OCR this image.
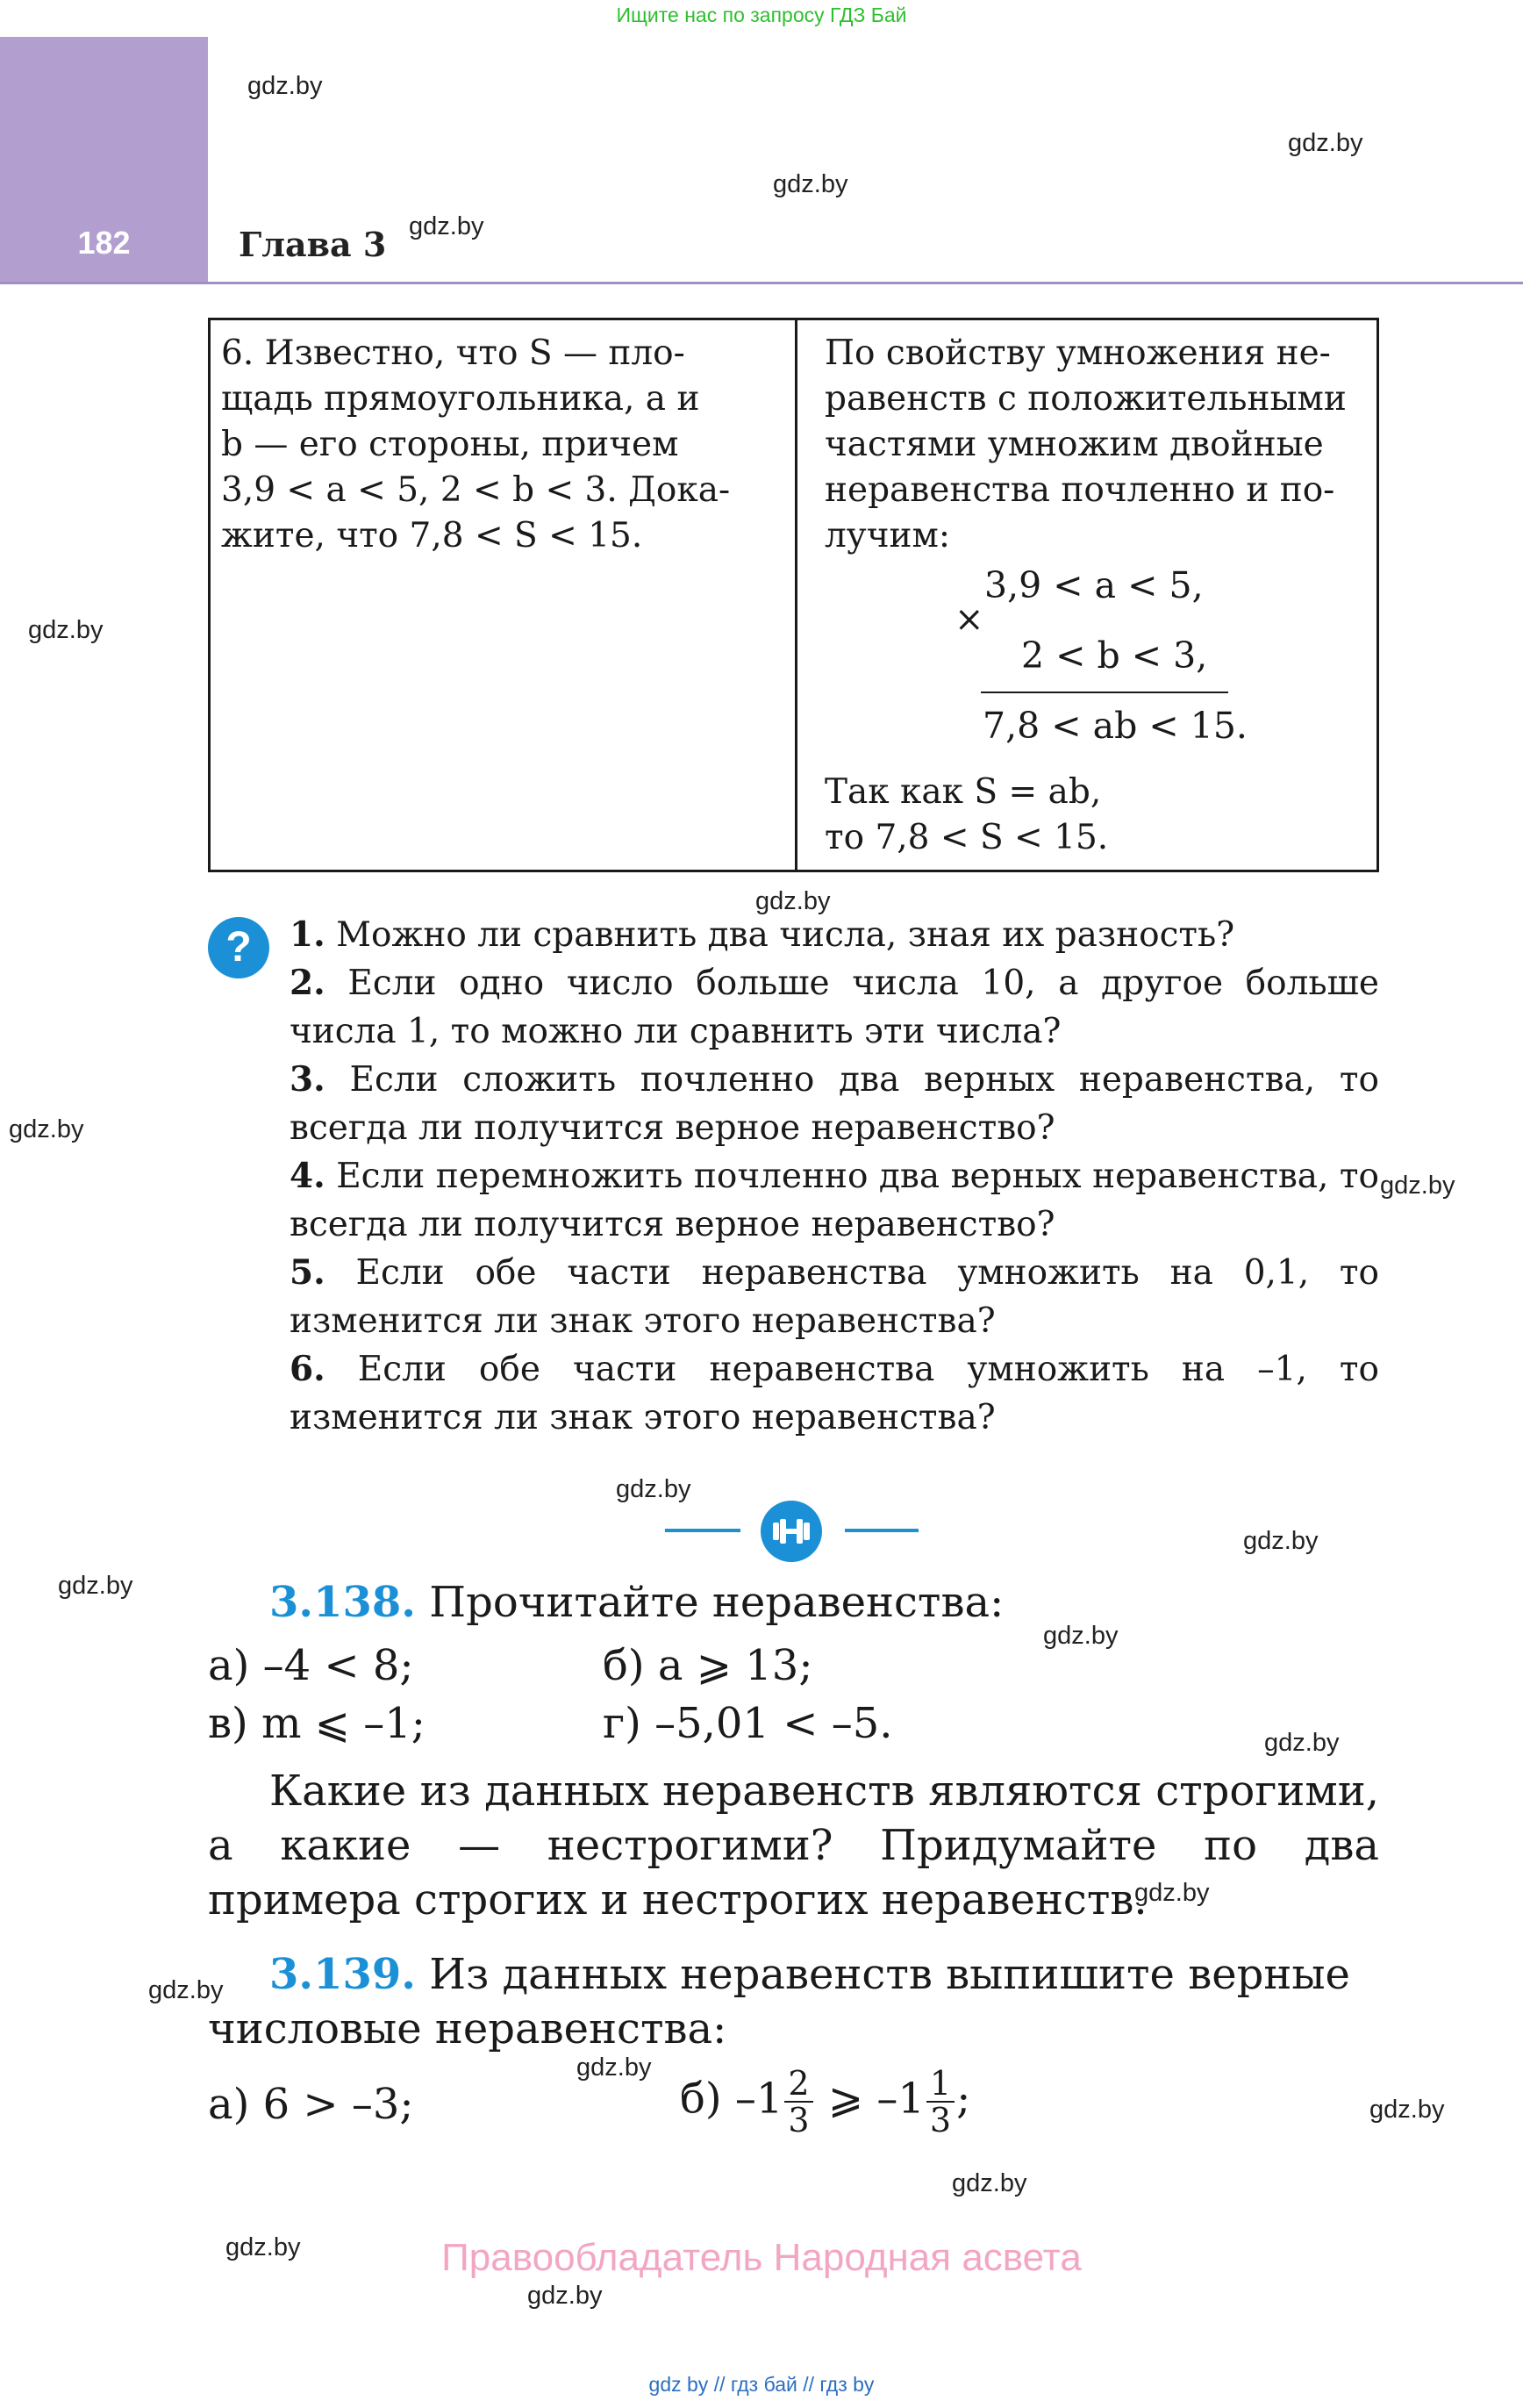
Ищите нас по запросу ГДЗ Бай
182	Глава 3
gdz.by
gdz.by
gdz.by
gdz.by
gdz.by
gdz.by
gdz.by
gdz.by
gdz.by
gdz.by
gdz.by
gdz.by
gdz.by
gdz.by
gdz.by
gdz.by
gdz.by
gdz.by
gdz.by
gdz.by
6. Известно, что S — пло-
щадь прямоугольника, a и
b — его стороны, причем
3,9 < a < 5, 2 < b < 3. Дока-
жите, что 7,8 < S < 15.
По свойству умножения не-
равенств с положительными
частями умножим двойные
неравенства почленно и по-
лучим:
3,9 < a < 5,
×
2 < b < 3,
7,8 < ab < 15.
Так как S = ab,
то 7,8 < S < 15.
?	1. Можно ли сравнить два числа, зная их разность?

2. Если одно число больше числа 10, а другое больше числа 1, то можно ли сравнить эти числа?

3. Если сложить почленно два верных неравенства, то всегда ли получится верное неравенство?

4. Если перемножить почленно два верных неравенства, то всегда ли получится верное неравенство?

5. Если обе части неравенства умножить на 0,1, то изменится ли знак этого неравенства?

6. Если обе части неравенства умножить на –1, то изменится ли знак этого неравенства?

3.138. Прочитайте неравенства:
а) –4 < 8;	б) a ⩾ 13;
в) m ⩽ –1;	г) –5,01 < –5.
Какие из данных неравенств являются строгими, а какие — нестрогими? Придумайте по два примера строгих и нестрогих неравенств.
3.139. Из данных неравенств выпишите верные
числовые неравенства:
а) 6 > –3;	б) $-1 \frac{2}{3}$ ⩾ $-1 \frac{1}{3}$ ;
Правообладатель Народная асвета
gdz by // гдз бай // гдз by
